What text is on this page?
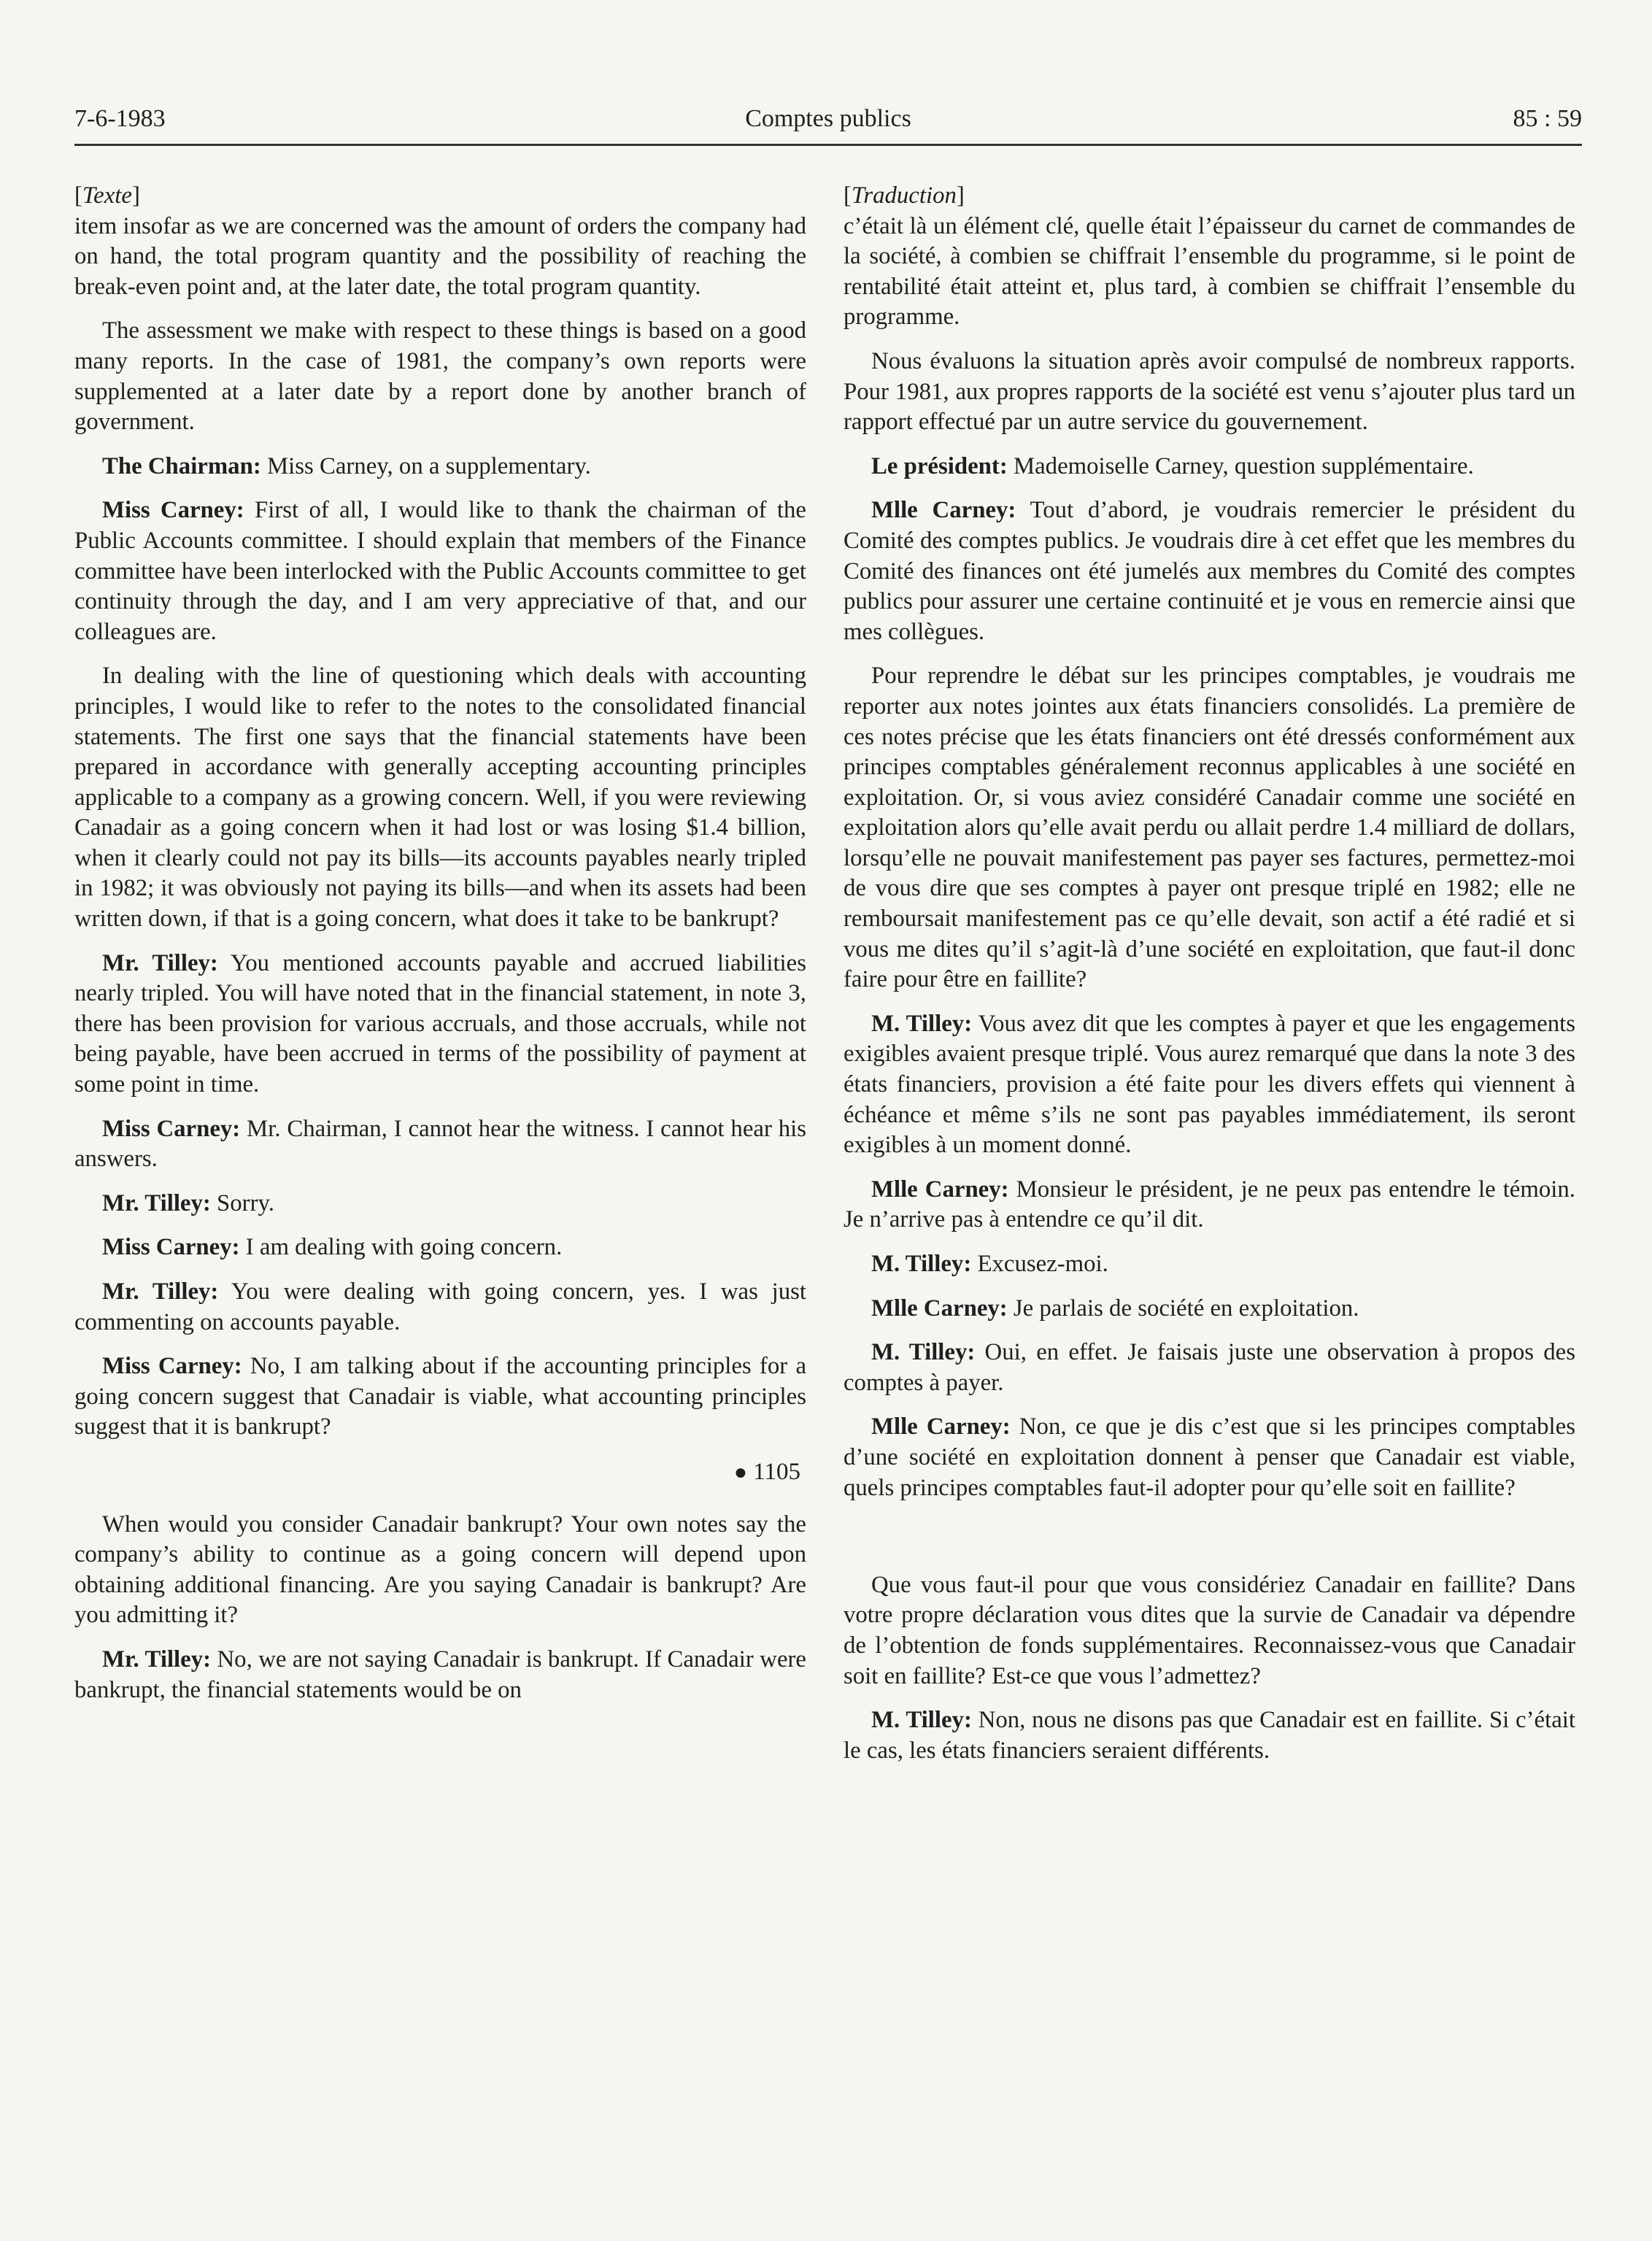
7-6-1983	Comptes publics	85 : 59

[Texte]

item insofar as we are concerned was the amount of orders the company had on hand, the total program quantity and the possibility of reaching the break-even point and, at the later date, the total program quantity.

The assessment we make with respect to these things is based on a good many reports. In the case of 1981, the company’s own reports were supplemented at a later date by a report done by another branch of government.

The Chairman: Miss Carney, on a supplementary.

Miss Carney: First of all, I would like to thank the chairman of the Public Accounts committee. I should explain that members of the Finance committee have been interlocked with the Public Accounts committee to get continuity through the day, and I am very appreciative of that, and our colleagues are.

In dealing with the line of questioning which deals with accounting principles, I would like to refer to the notes to the consolidated financial statements. The first one says that the financial statements have been prepared in accordance with generally accepting accounting principles applicable to a company as a growing concern. Well, if you were reviewing Canadair as a going concern when it had lost or was losing $1.4 billion, when it clearly could not pay its bills—its accounts payables nearly tripled in 1982; it was obviously not paying its bills—and when its assets had been written down, if that is a going concern, what does it take to be bankrupt?

Mr. Tilley: You mentioned accounts payable and accrued liabilities nearly tripled. You will have noted that in the financial statement, in note 3, there has been provision for various accruals, and those accruals, while not being payable, have been accrued in terms of the possibility of payment at some point in time.

Miss Carney: Mr. Chairman, I cannot hear the witness. I cannot hear his answers.

Mr. Tilley: Sorry.

Miss Carney: I am dealing with going concern.

Mr. Tilley: You were dealing with going concern, yes. I was just commenting on accounts payable.

Miss Carney: No, I am talking about if the accounting principles for a going concern suggest that Canadair is viable, what accounting principles suggest that it is bankrupt?

● 1105

When would you consider Canadair bankrupt? Your own notes say the company’s ability to continue as a going concern will depend upon obtaining additional financing. Are you saying Canadair is bankrupt? Are you admitting it?

Mr. Tilley: No, we are not saying Canadair is bankrupt. If Canadair were bankrupt, the financial statements would be on

[Traduction]

c’était là un élément clé, quelle était l’épaisseur du carnet de commandes de la société, à combien se chiffrait l’ensemble du programme, si le point de rentabilité était atteint et, plus tard, à combien se chiffrait l’ensemble du programme.

Nous évaluons la situation après avoir compulsé de nombreux rapports. Pour 1981, aux propres rapports de la société est venu s’ajouter plus tard un rapport effectué par un autre service du gouvernement.

Le président: Mademoiselle Carney, question supplémentaire.

Mlle Carney: Tout d’abord, je voudrais remercier le président du Comité des comptes publics. Je voudrais dire à cet effet que les membres du Comité des finances ont été jumelés aux membres du Comité des comptes publics pour assurer une certaine continuité et je vous en remercie ainsi que mes collègues.

Pour reprendre le débat sur les principes comptables, je voudrais me reporter aux notes jointes aux états financiers consolidés. La première de ces notes précise que les états financiers ont été dressés conformément aux principes comptables généralement reconnus applicables à une société en exploitation. Or, si vous aviez considéré Canadair comme une société en exploitation alors qu’elle avait perdu ou allait perdre 1.4 milliard de dollars, lorsqu’elle ne pouvait manifestement pas payer ses factures, permettez-moi de vous dire que ses comptes à payer ont presque triplé en 1982; elle ne remboursait manifestement pas ce qu’elle devait, son actif a été radié et si vous me dites qu’il s’agit-là d’une société en exploitation, que faut-il donc faire pour être en faillite?

M. Tilley: Vous avez dit que les comptes à payer et que les engagements exigibles avaient presque triplé. Vous aurez remarqué que dans la note 3 des états financiers, provision a été faite pour les divers effets qui viennent à échéance et même s’ils ne sont pas payables immédiatement, ils seront exigibles à un moment donné.

Mlle Carney: Monsieur le président, je ne peux pas entendre le témoin. Je n’arrive pas à entendre ce qu’il dit.

M. Tilley: Excusez-moi.

Mlle Carney: Je parlais de société en exploitation.

M. Tilley: Oui, en effet. Je faisais juste une observation à propos des comptes à payer.

Mlle Carney: Non, ce que je dis c’est que si les principes comptables d’une société en exploitation donnent à penser que Canadair est viable, quels principes comptables faut-il adopter pour qu’elle soit en faillite?

Que vous faut-il pour que vous considériez Canadair en faillite? Dans votre propre déclaration vous dites que la survie de Canadair va dépendre de l’obtention de fonds supplémentaires. Reconnaissez-vous que Canadair soit en faillite? Est-ce que vous l’admettez?

M. Tilley: Non, nous ne disons pas que Canadair est en faillite. Si c’était le cas, les états financiers seraient différents.
